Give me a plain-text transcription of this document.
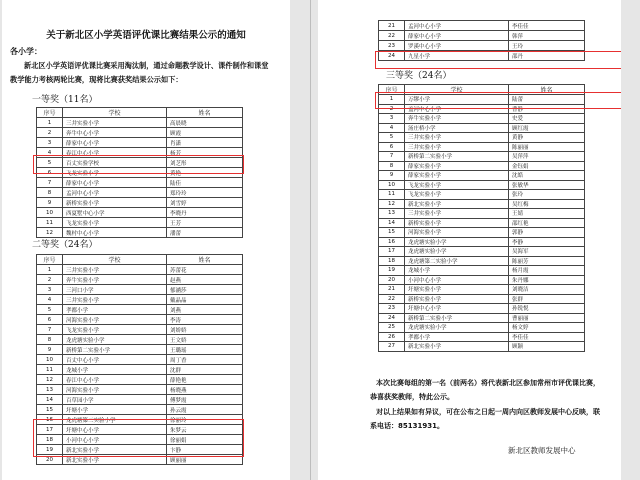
关于新北区小学英语评优课比赛结果公示的通知
各小学：
新北区小学英语评优课比赛采用淘汰制，通过命题教学设计、课件制作和课堂教学能力考核两轮比赛，现将比赛获奖结果公示如下：
一等奖（11名）
序号	学校	姓名
1	三井实验小学	高晨晓
2	奔牛中心小学	顾霞
3	薛家中心小学	肖潇
4	春江中心小学	杨芳
5	百丈实验学校	刘芝彤
6	飞龙实验小学	黄艳
7	薛家中心小学	陆佳
8	孟河中心小学	郑玲玲
9	新桥实验小学	刘雪婷
10	西夏墅中心小学	李晓丹
11	飞龙实验小学	王芳
12	魏村中心小学	潘蕾
二等奖（24名）
序号	学校	姓名
1	三井实验小学	苏蕾花
2	奔牛实验小学	赵燕
3	三河口小学	郁涵莎
4	三井实验小学	戴晶晶
5	孝都小学	刘燕
6	河海实验小学	李涛
7	飞龙实验小学	刘娇娇
8	龙虎塘实验小学	王文娇
9	新桥第二实验小学	王璐瑶
10	百丈中心小学	周丁香
11	龙城小学	沈群
12	春江中心小学	薛艳艳
13	河海实验小学	杨晓燕
14	百草园小学	傅梦霞
15	圩塘小学	孙云霞
16	龙虎塘第二实验小学	徐丽玲
17	圩塘中心小学	朱梦云
18	小河中心小学	徐丽娟
19	新北实验小学	卞静
20	新北实验小学	顾丽丽
21	孟河中心小学	李佳佳
22	薛家中心小学	韩萍
23	罗溪中心小学	王玲
24	九星小学	邵丹
三等奖（24名）
序号	学校	姓名
1	万缪小学	陆蕾
2	孟河中心小学	曹静
3	奔牛实验小学	史爱
4	汤庄桥小学	顾红霞
5	三井实验小学	黄静
6	三井实验小学	陈丽丽
7	新桥第二实验小学	吴萍萍
8	薛家实验小学	金钰娟
9	薛家实验小学	沈皓
10	飞龙实验小学	张敏华
11	飞龙实验小学	张玲
12	新北实验小学	吴红梅
13	三井实验小学	王婧
14	新桥实验小学	邵红艳
15	河海实验小学	郭静
16	龙虎塘实验小学	李静
17	龙虎塘实验小学	吴海军
18	龙虎塘第二实验小学	陈丽芳
19	龙城小学	杨月霞
20	小河中心小学	朱丹娜
21	圩塘实验小学	刘晓洁
22	新桥实验小学	张群
23	圩塘中心小学	孙锐悦
24	新桥第二实验小学	曹丽丽
25	龙虎塘实验小学	杨文婷
26	孝都小学	李佳佳
27	新北实验小学	顾颖
本次比赛每组的第一名（前两名）将代表新北区参加常州市评优课比赛，
恭喜获奖教师，特此公示。
对以上结果如有异议，可在公布之日起一周内向区教师发展中心反映，联
系电话：85131931。
新北区教师发展中心
